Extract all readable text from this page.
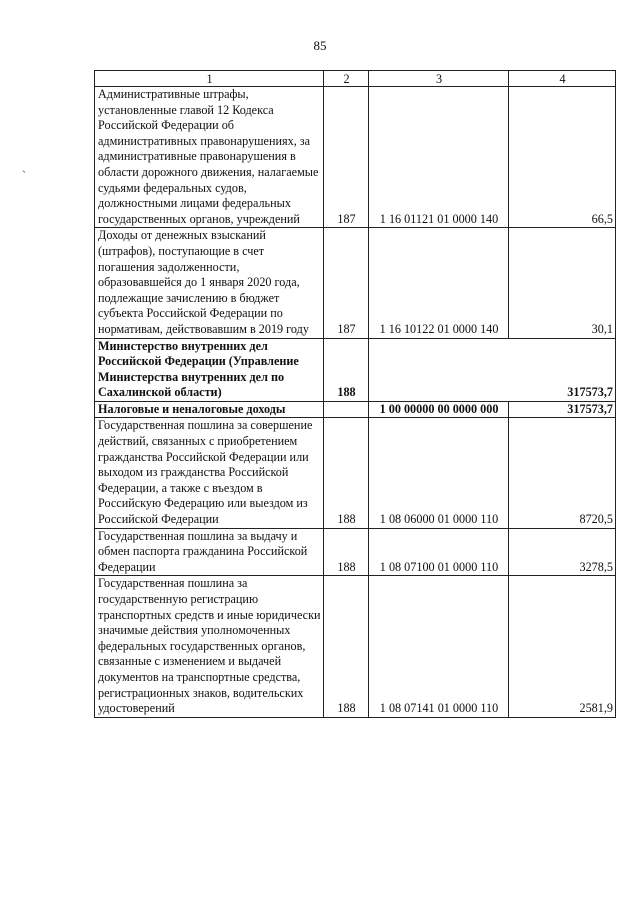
85
`
1	2	3	4
Административные штрафы, установленные главой 12 Кодекса Российской Федерации об административных правонарушениях, за административные правонарушения в области дорожного движения, налагаемые судьями федеральных судов, должностными лицами федеральных государственных органов, учреждений	187	1 16 01121 01 0000 140	66,5
Доходы от денежных взысканий (штрафов), поступающие в счет погашения задолженности, образовавшейся до 1 января 2020 года, подлежащие зачислению в бюджет субъекта Российской Федерации по нормативам, действовавшим в 2019 году	187	1 16 10122 01 0000 140	30,1
Министерство внутренних дел Российской Федерации (Управление Министерства внутренних дел по Сахалинской области)	188		317573,7
Налоговые и неналоговые доходы		1 00 00000 00 0000 000	317573,7
Государственная пошлина за совершение действий, связанных с приобретением гражданства Российской Федерации или выходом из гражданства Российской Федерации, а также с въездом в Российскую Федерацию или выездом из Российской Федерации	188	1 08 06000 01 0000 110	8720,5
Государственная пошлина за выдачу и обмен паспорта гражданина Российской Федерации	188	1 08 07100 01 0000 110	3278,5
Государственная пошлина за государственную регистрацию транспортных средств и иные юридически значимые действия уполномоченных федеральных государственных органов, связанные с изменением и выдачей документов на транспортные средства, регистрационных знаков, водительских удостоверений	188	1 08 07141 01 0000 110	2581,9
